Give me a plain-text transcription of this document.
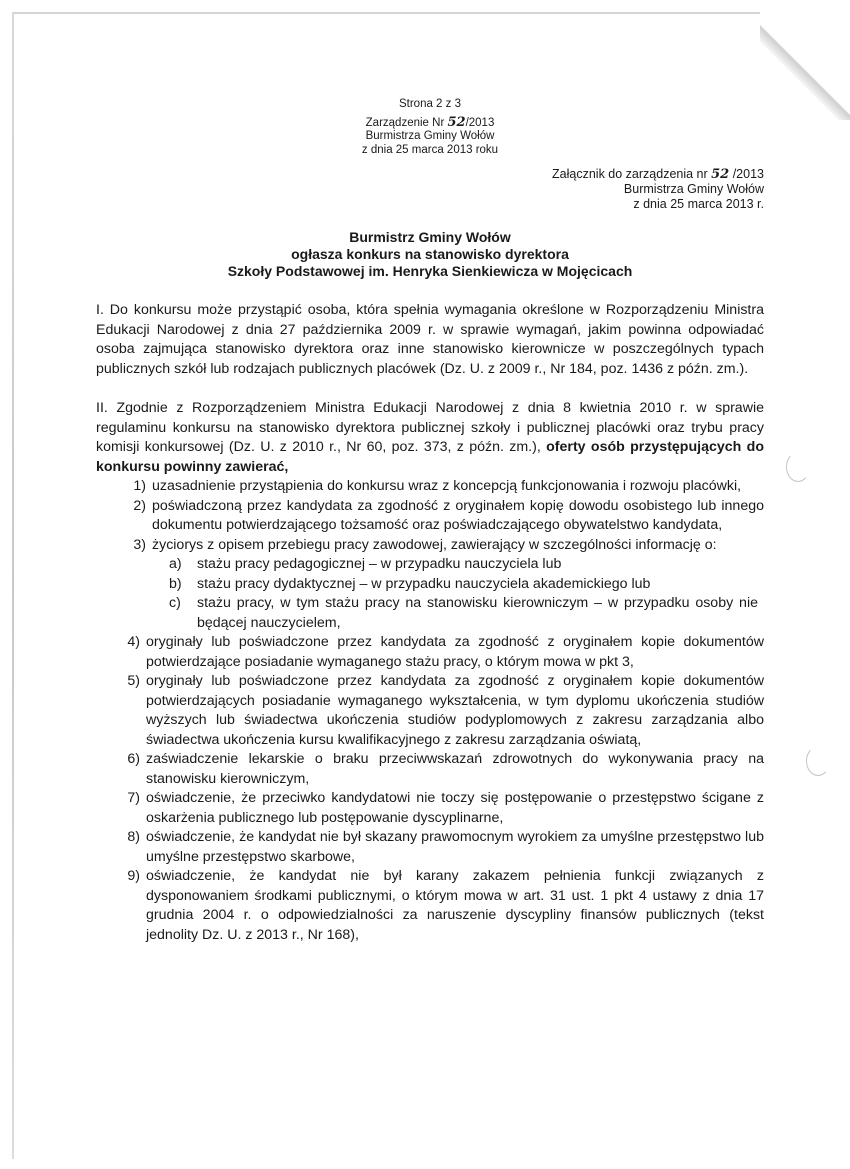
Strona 2 z 3
Zarządzenie Nr 52/2013
Burmistrza Gminy Wołów
z dnia 25 marca 2013 roku
Załącznik do zarządzenia nr 52 /2013
Burmistrza Gminy Wołów
z dnia 25 marca 2013 r.
Burmistrz Gminy Wołów
ogłasza konkurs na stanowisko dyrektora
Szkoły Podstawowej im. Henryka Sienkiewicza w Mojęcicach
I. Do konkursu może przystąpić osoba, która spełnia wymagania określone w Rozporządzeniu Ministra Edukacji Narodowej z dnia 27 października 2009 r. w sprawie wymagań, jakim powinna odpowiadać osoba zajmująca stanowisko dyrektora oraz inne stanowisko kierownicze w poszczególnych typach publicznych szkół lub rodzajach publicznych placówek (Dz. U. z 2009 r., Nr 184, poz. 1436 z późn. zm.).
II. Zgodnie z Rozporządzeniem Ministra Edukacji Narodowej z dnia 8 kwietnia 2010 r. w sprawie regulaminu konkursu na stanowisko dyrektora publicznej szkoły i publicznej placówki oraz trybu pracy komisji konkursowej (Dz. U. z 2010 r., Nr 60, poz. 373, z późn. zm.), oferty osób przystępujących do konkursu powinny zawierać,
1) uzasadnienie przystąpienia do konkursu wraz z koncepcją funkcjonowania i rozwoju placówki,
2) poświadczoną przez kandydata za zgodność z oryginałem kopię dowodu osobistego lub innego dokumentu potwierdzającego tożsamość oraz poświadczającego obywatelstwo kandydata,
3) życiorys z opisem przebiegu pracy zawodowej, zawierający w szczególności informację o:
a) stażu pracy pedagogicznej – w przypadku nauczyciela lub
b) stażu pracy dydaktycznej – w przypadku nauczyciela akademickiego lub
c) stażu pracy, w tym stażu pracy na stanowisku kierowniczym – w przypadku osoby nie będącej nauczycielem,
4) oryginały lub poświadczone przez kandydata za zgodność z oryginałem kopie dokumentów potwierdzające posiadanie wymaganego stażu pracy, o którym mowa w pkt 3,
5) oryginały lub poświadczone przez kandydata za zgodność z oryginałem kopie dokumentów potwierdzających posiadanie wymaganego wykształcenia, w tym dyplomu ukończenia studiów wyższych lub świadectwa ukończenia studiów podyplomowych z zakresu zarządzania albo świadectwa ukończenia kursu kwalifikacyjnego z zakresu zarządzania oświatą,
6) zaświadczenie lekarskie o braku przeciwwskazań zdrowotnych do wykonywania pracy na stanowisku kierowniczym,
7) oświadczenie, że przeciwko kandydatowi nie toczy się postępowanie o przestępstwo ścigane z oskarżenia publicznego lub postępowanie dyscyplinarne,
8) oświadczenie, że kandydat nie był skazany prawomocnym wyrokiem za umyślne przestępstwo lub umyślne przestępstwo skarbowe,
9) oświadczenie, że kandydat nie był karany zakazem pełnienia funkcji związanych z dysponowaniem środkami publicznymi, o którym mowa w art. 31 ust. 1 pkt 4 ustawy z dnia 17 grudnia 2004 r. o odpowiedzialności za naruszenie dyscypliny finansów publicznych (tekst jednolity Dz. U. z 2013 r., Nr 168),
